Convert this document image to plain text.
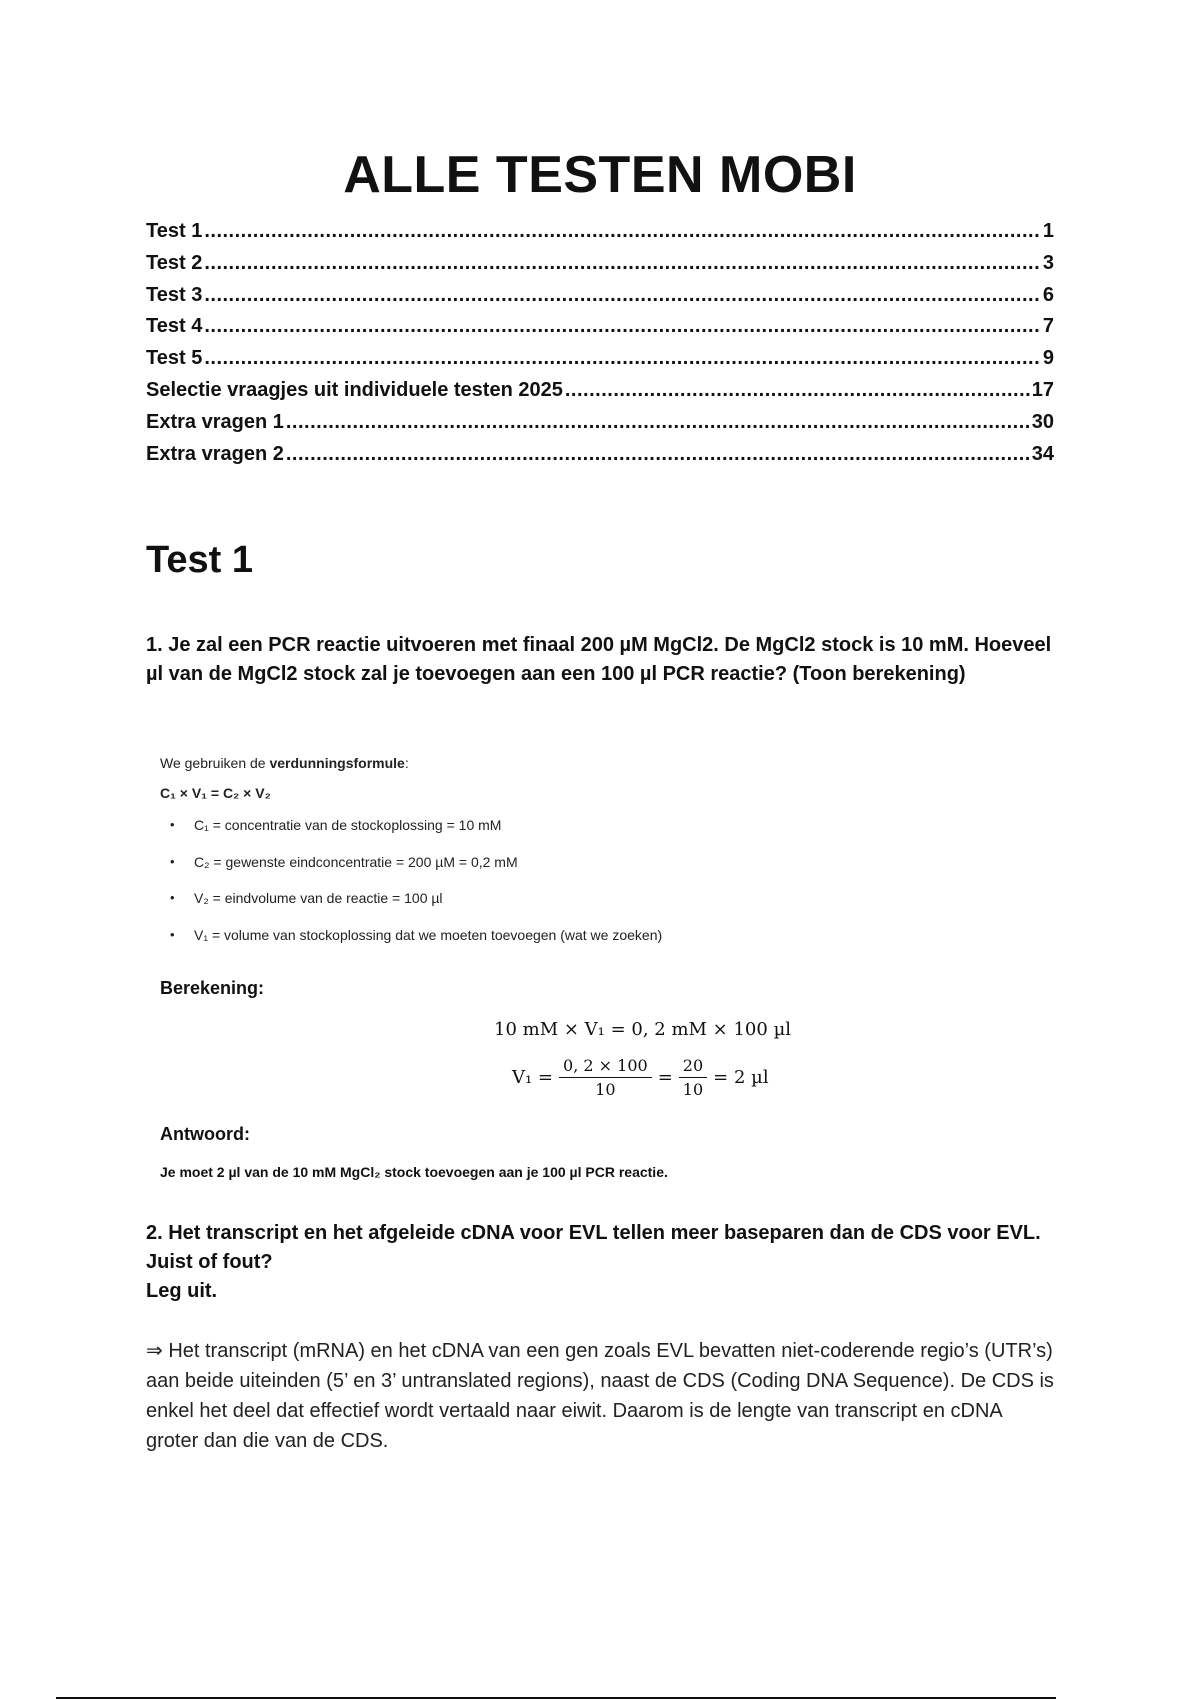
ALLE TESTEN MOBI
Test 1 .....	1
Test 2 .....	3
Test 3 .....	6
Test 4 .....	7
Test 5 .....	9
Selectie vraagjes uit individuele testen 2025 .....	17
Extra vragen 1 .....	30
Extra vragen 2 .....	34
Test 1

1. Je zal een PCR reactie uitvoeren met finaal 200 µM MgCl2. De MgCl2 stock is 10 mM. Hoeveel µl van de MgCl2 stock zal je toevoegen aan een 100 µl PCR reactie? (Toon berekening)

We gebruiken de verdunningsformule:

C₁ × V₁ = C₂ × V₂

• C₁ = concentratie van de stockoplossing = 10 mM
• C₂ = gewenste eindconcentratie = 200 µM = 0,2 mM
• V₂ = eindvolume van de reactie = 100 µl
• V₁ = volume van stockoplossing dat we moeten toevoegen (wat we zoeken)

Berekening:

10 mM × V₁ = 0, 2 mM × 100 µl
$V_1 = \frac{0, 2 \times 100}{10} = \frac{20}{10} = 2$ µl

Antwoord:

Je moet 2 µl van de 10 mM MgCl₂ stock toevoegen aan je 100 µl PCR reactie.

2. Het transcript en het afgeleide cDNA voor EVL tellen meer baseparen dan de CDS voor EVL. Juist of fout?
Leg uit.

⇒ Het transcript (mRNA) en het cDNA van een gen zoals EVL bevatten niet-coderende regio’s (UTR’s) aan beide uiteinden (5’ en 3’ untranslated regions), naast de CDS (Coding DNA Sequence). De CDS is enkel het deel dat effectief wordt vertaald naar eiwit. Daarom is de lengte van transcript en cDNA groter dan die van de CDS.
